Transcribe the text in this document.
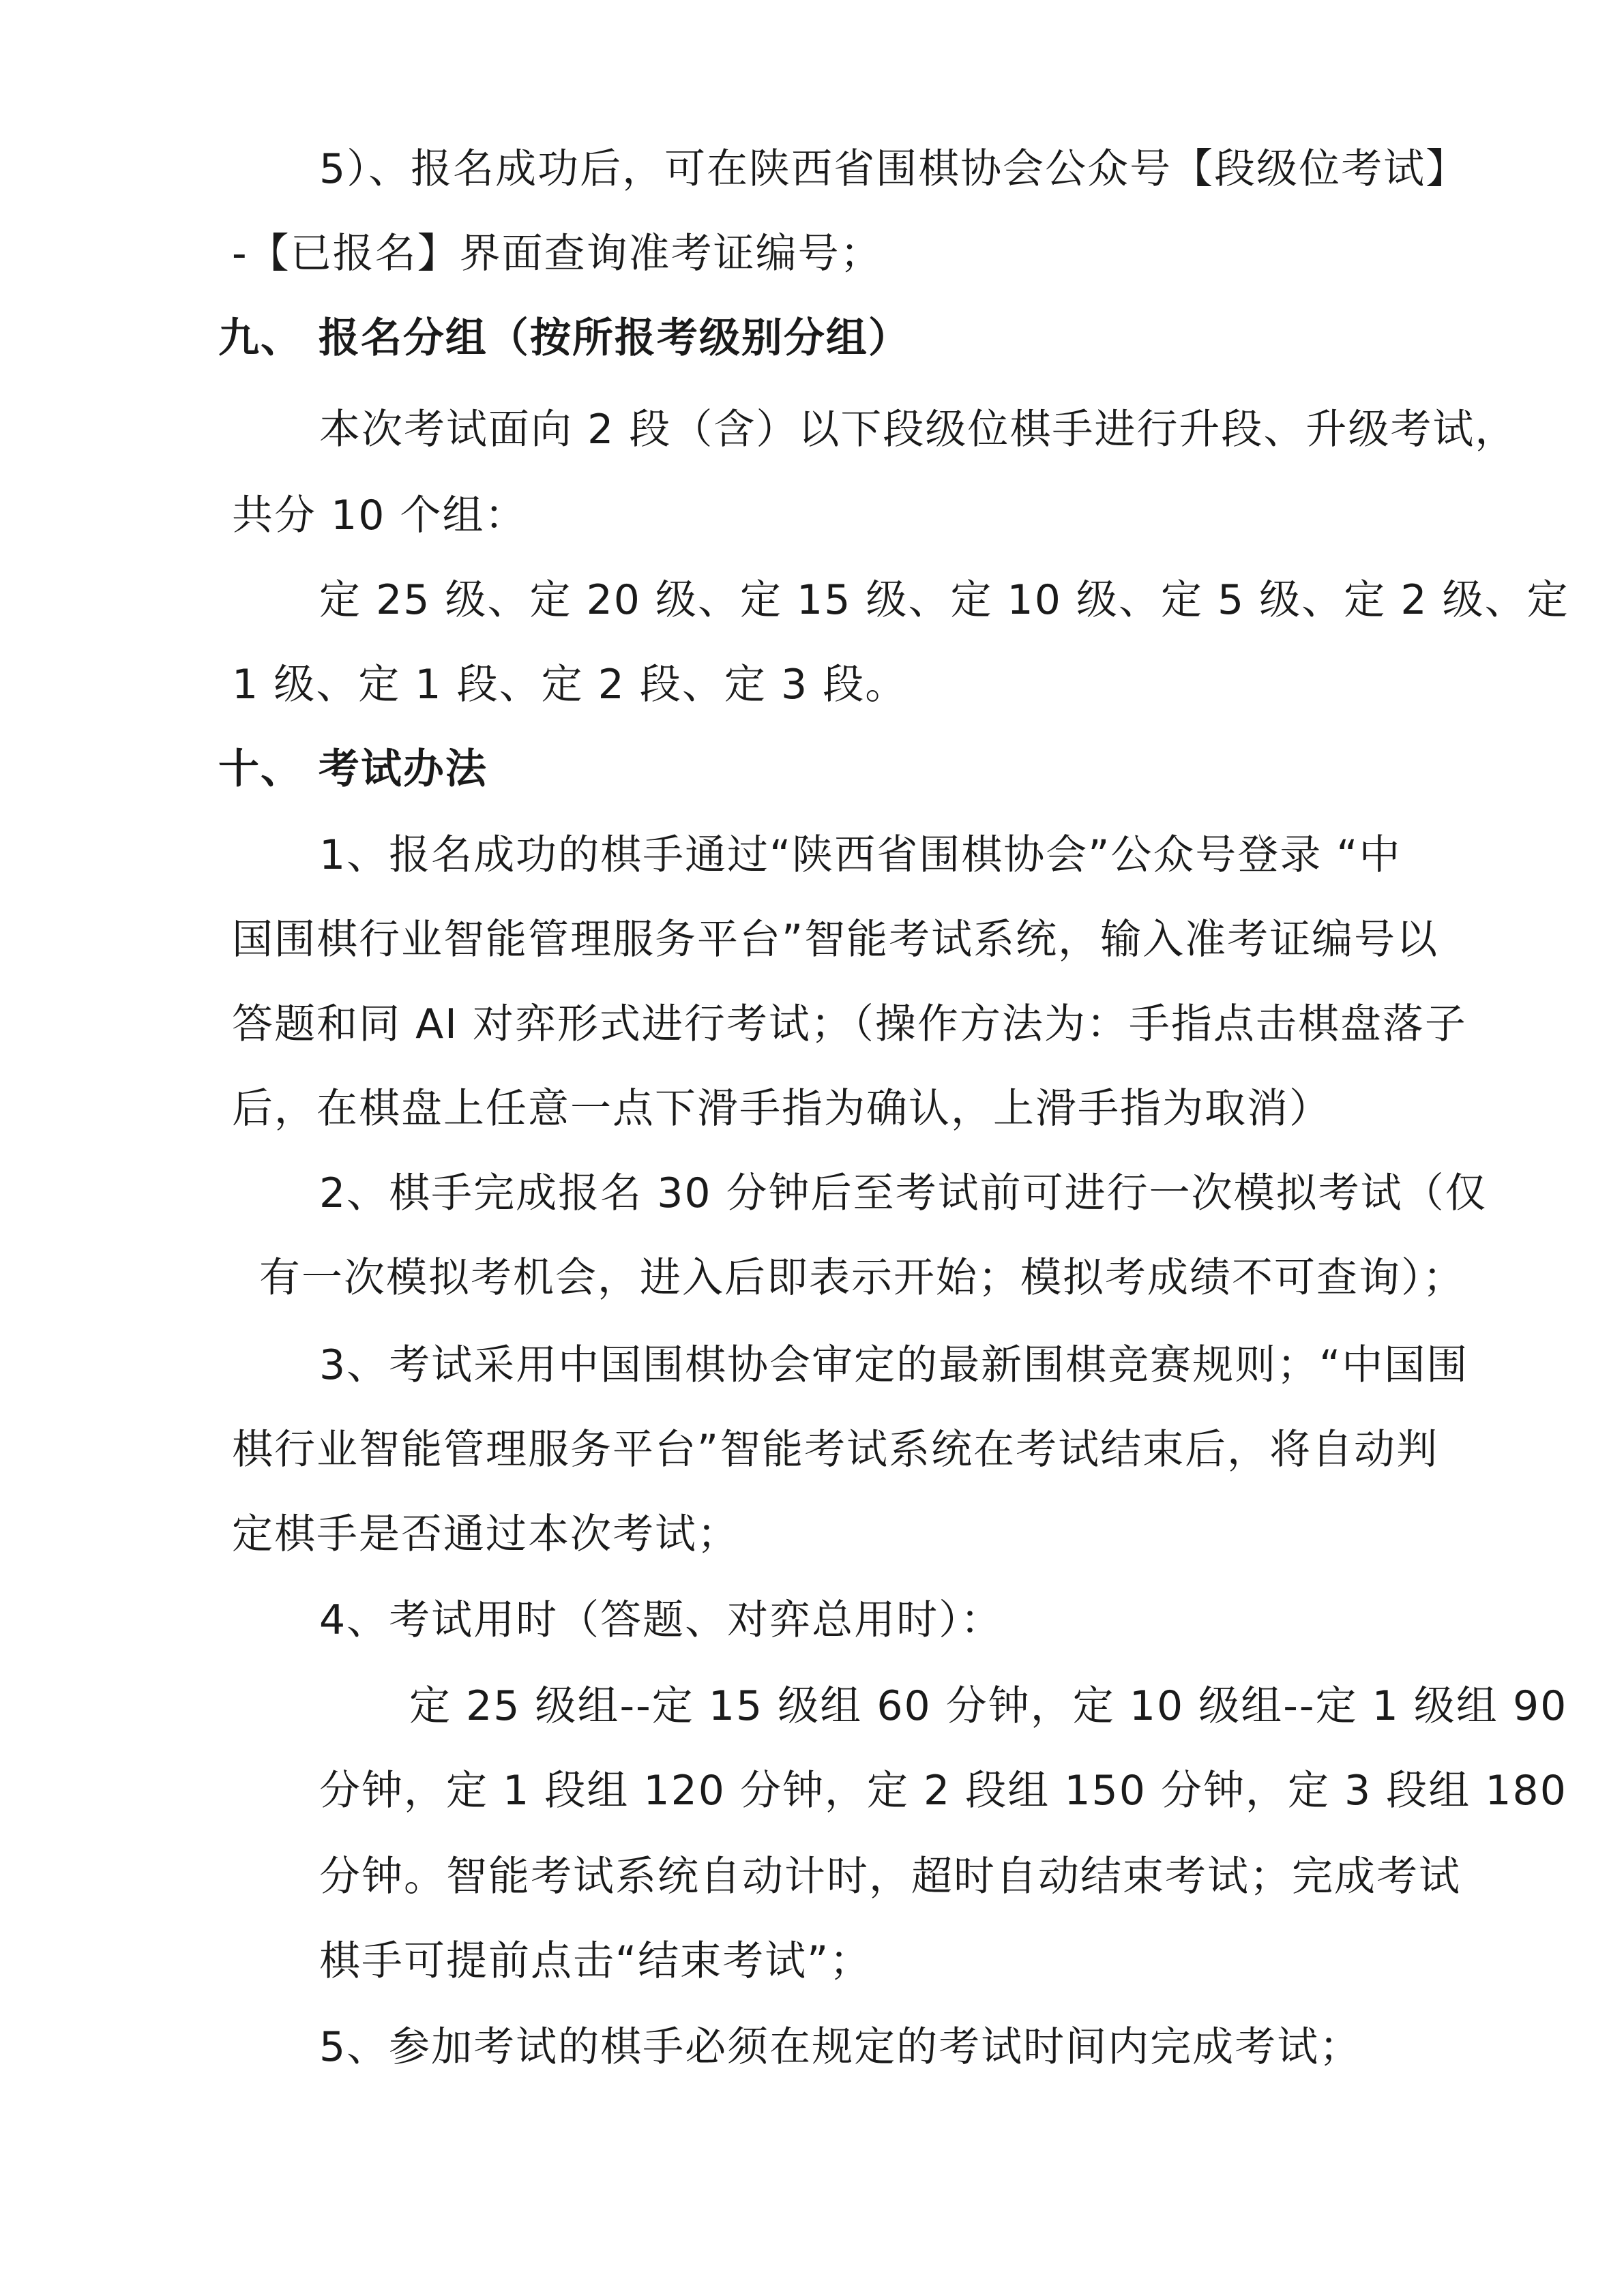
5）、报名成功后，可在陕西省围棋协会公众号【段级位考试】
-【已报名】界面查询准考证编号；
九、 报名分组（按所报考级别分组）
本次考试面向 2 段（含）以下段级位棋手进行升段、升级考试，
共分 10 个组：
定 25 级、定 20 级、定 15 级、定 10 级、定 5 级、定 2 级、定
1 级、定 1 段、定 2 段、定 3 段。
十、 考试办法
1、报名成功的棋手通过“陕西省围棋协会”公众号登录 “中
国围棋行业智能管理服务平台”智能考试系统，输入准考证编号以
答题和同 AI 对弈形式进行考试；（操作方法为：手指点击棋盘落子
后，在棋盘上任意一点下滑手指为确认，上滑手指为取消）
2、棋手完成报名 30 分钟后至考试前可进行一次模拟考试（仅
有一次模拟考机会，进入后即表示开始；模拟考成绩不可查询）；
3、考试采用中国围棋协会审定的最新围棋竞赛规则；“中国围
棋行业智能管理服务平台”智能考试系统在考试结束后，将自动判
定棋手是否通过本次考试；
4、考试用时（答题、对弈总用时）：
定 25 级组--定 15 级组 60 分钟，定 10 级组--定 1 级组 90
分钟，定 1 段组 120 分钟，定 2 段组 150 分钟，定 3 段组 180
分钟。智能考试系统自动计时，超时自动结束考试；完成考试
棋手可提前点击“结束考试”；
5、参加考试的棋手必须在规定的考试时间内完成考试；
